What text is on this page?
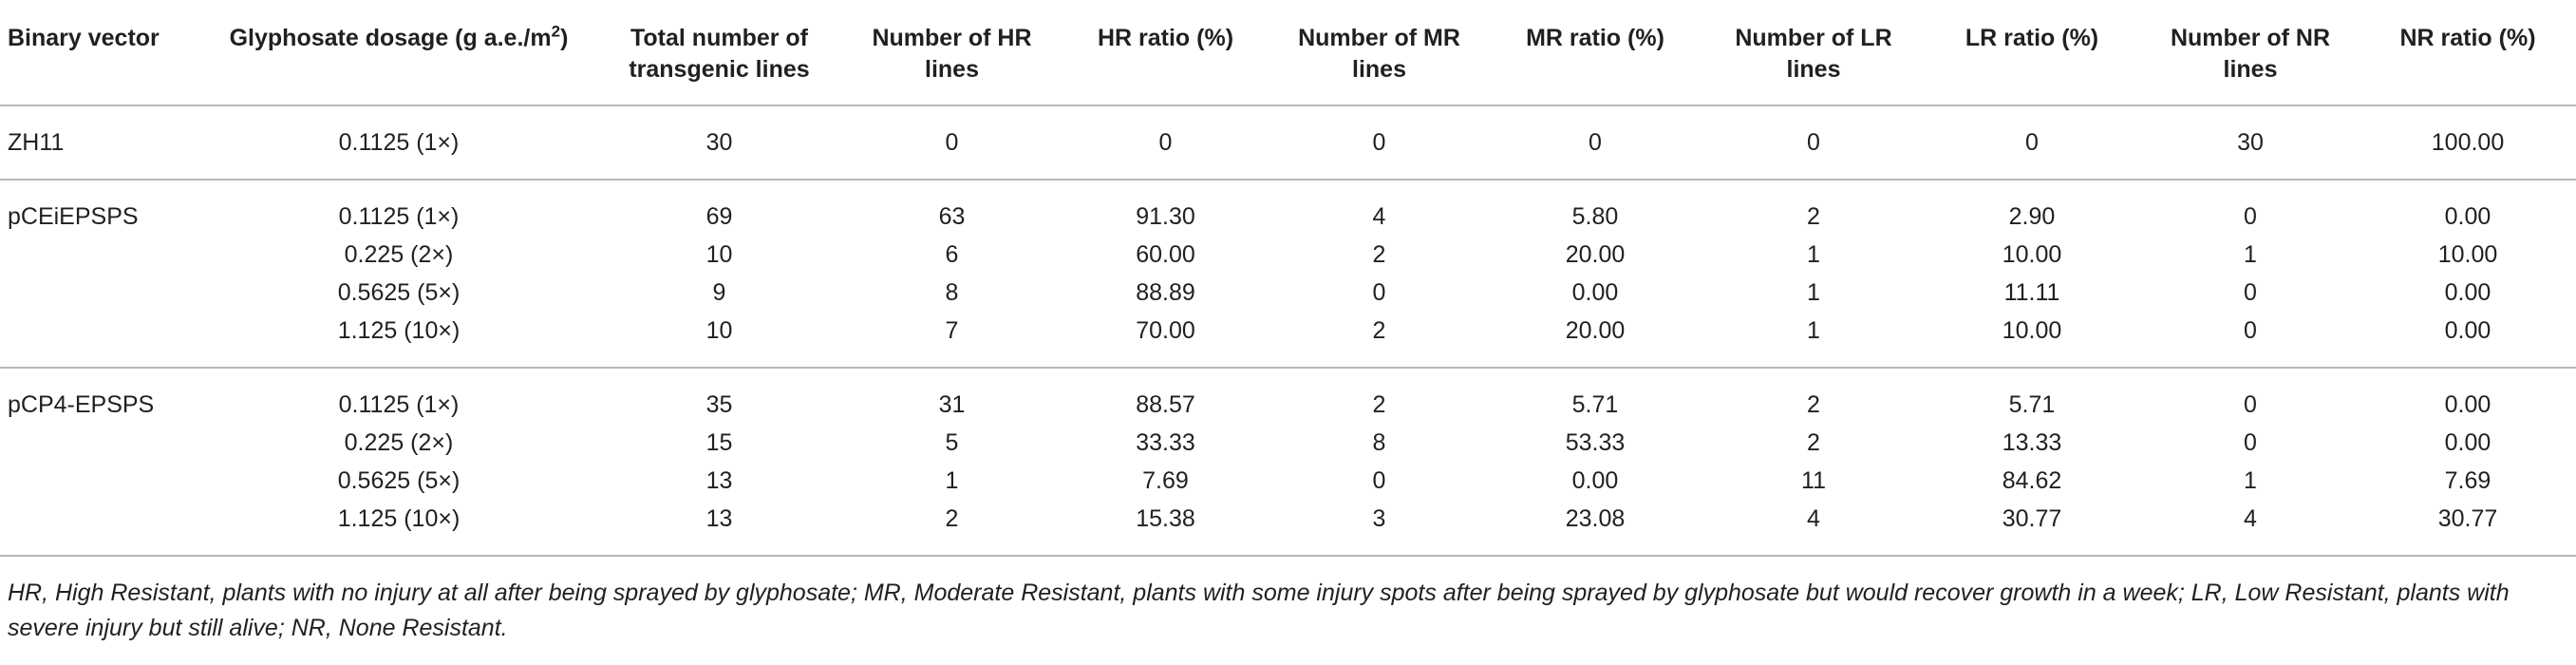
Binary vector	Glyphosate dosage (g $a.e./m^2$)	Total number of transgenic lines	Number of HR lines	HR ratio (%)	Number of MR lines	MR ratio (%)	Number of LR lines	LR ratio (%)	Number of NR lines	NR ratio (%)
ZH11	0.1125 (1×)	30	0	0	0	0	0	0	30	100.00
pCEiEPSPS	0.1125 (1×)	69	63	91.30	4	5.80	2	2.90	0	0.00
	0.225 (2×)	10	6	60.00	2	20.00	1	10.00	1	10.00
	0.5625 (5×)	9	8	88.89	0	0.00	1	11.11	0	0.00
	1.125 (10×)	10	7	70.00	2	20.00	1	10.00	0	0.00
pCP4-EPSPS	0.1125 (1×)	35	31	88.57	2	5.71	2	5.71	0	0.00
	0.225 (2×)	15	5	33.33	8	53.33	2	13.33	0	0.00
	0.5625 (5×)	13	1	7.69	0	0.00	11	84.62	1	7.69
	1.125 (10×)	13	2	15.38	3	23.08	4	30.77	4	30.77
HR, High Resistant, plants with no injury at all after being sprayed by glyphosate; MR, Moderate Resistant, plants with some injury spots after being sprayed by glyphosate but would recover growth in a week; LR, Low Resistant, plants with severe injury but still alive; NR, None Resistant.
